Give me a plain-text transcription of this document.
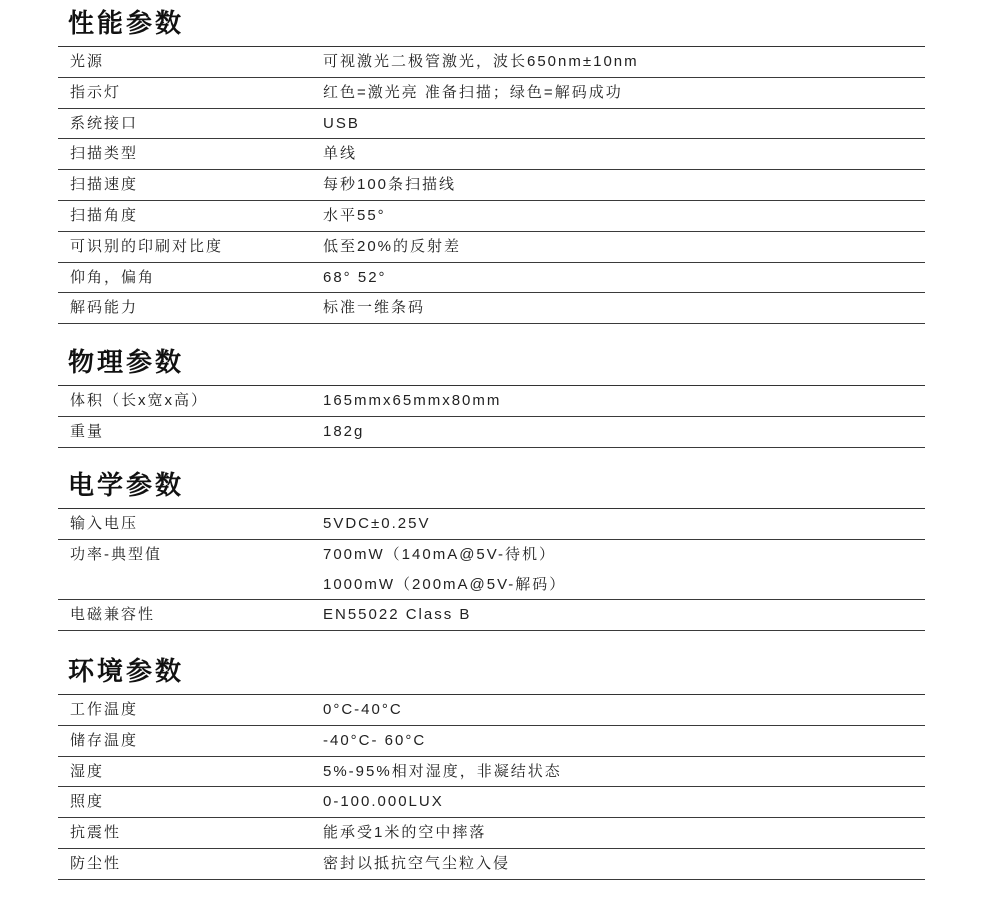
性能参数
光源	可视激光二极管激光，波长650nm±10nm
指示灯	红色=激光亮 准备扫描；绿色=解码成功
系统接口	USB
扫描类型	单线
扫描速度	每秒100条扫描线
扫描角度	水平55°
可识别的印刷对比度	低至20%的反射差
仰角，偏角	68° 52°
解码能力	标准一维条码
物理参数
体积（长x宽x高）	165mmx65mmx80mm
重量	182g
电学参数
输入电压	5VDC±0.25V
功率-典型值	700mW（140mA@5V-待机）
1000mW（200mA@5V-解码）
电磁兼容性	EN55022 Class B
环境参数
工作温度	0°C-40°C
储存温度	-40°C- 60°C
湿度	5%-95%相对湿度，非凝结状态
照度	0-100.000LUX
抗震性	能承受1米的空中摔落
防尘性	密封以抵抗空气尘粒入侵
